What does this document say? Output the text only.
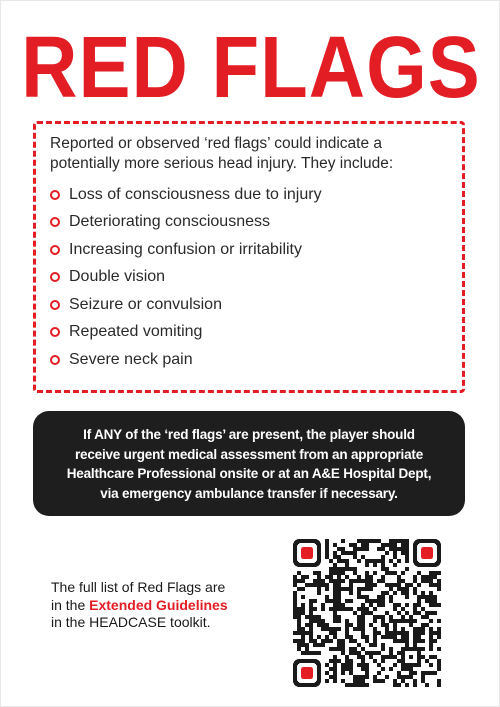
RED FLAGS

Reported or observed ‘red flags’ could indicate a
potentially more serious head injury. They include:

Loss of consciousness due to injury
Deteriorating consciousness
Increasing confusion or irritability
Double vision
Seizure or convulsion
Repeated vomiting
Severe neck pain
If ANY of the ‘red flags’ are present, the player should
receive urgent medical assessment from an appropriate
Healthcare Professional onsite or at an A&E Hospital Dept,
via emergency ambulance transfer if necessary.
The full list of Red Flags are
in the Extended Guidelines
in the HEADCASE toolkit.
